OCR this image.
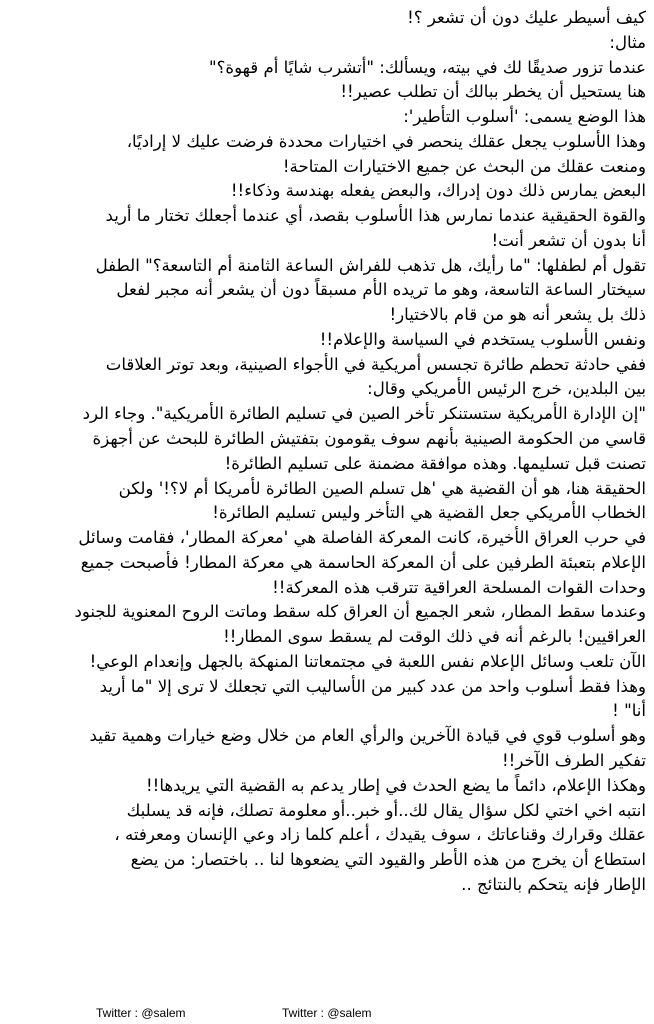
كيف أسيطر عليك دون أن تشعر ؟!
مثال:
عندما تزور صديقًا لك في بيته، ويسألك: "أتشرب شايًا أم قهوة؟"
هنا يستحيل أن يخطر ببالك أن تطلب عصير!!
هذا الوضع يسمى: 'أسلوب التأطير':
وهذا الأسلوب يجعل عقلك ينحصر في اختيارات محددة فرضت عليك لا إراديًا،
ومنعت عقلك من البحث عن جميع الاختيارات المتاحة!
البعض يمارس ذلك دون إدراك، والبعض يفعله بهندسة وذكاء!!
والقوة الحقيقية عندما نمارس هذا الأسلوب بقصد، أي عندما أجعلك تختار ما أريد
أنا بدون أن تشعر أنت!
تقول أم لطفلها: "ما رأيك، هل تذهب للفراش الساعة الثامنة أم التاسعة؟" الطفل
سيختار الساعة التاسعة، وهو ما تريده الأم مسبقاً دون أن يشعر أنه مجبر لفعل
ذلك بل يشعر أنه هو من قام بالاختيار!
ونفس الأسلوب يستخدم في السياسة والإعلام!!
ففي حادثة تحطم طائرة تجسس أمريكية في الأجواء الصينية، وبعد توتر العلاقات
بين البلدين، خرج الرئيس الأمريكي وقال:
"إن الإدارة الأمريكية ستستنكر تأخر الصين في تسليم الطائرة الأمريكية". وجاء الرد
قاسي من الحكومة الصينية بأنهم سوف يقومون بتفتيش الطائرة للبحث عن أجهزة
تصنت قبل تسليمها. وهذه موافقة مضمنة على تسليم الطائرة!
الحقيقة هنا، هو أن القضية هي 'هل تسلم الصين الطائرة لأمريكا أم لا؟!' ولكن
الخطاب الأمريكي جعل القضية هي التأخر وليس تسليم الطائرة!
في حرب العراق الأخيرة، كانت المعركة الفاصلة هي 'معركة المطار'، فقامت وسائل
الإعلام بتعبئة الطرفين على أن المعركة الحاسمة هي معركة المطار! فأصبحت جميع
وحدات القوات المسلحة العراقية تترقب هذه المعركة!!
وعندما سقط المطار، شعر الجميع أن العراق كله سقط وماتت الروح المعنوية للجنود
العراقيين! بالرغم أنه في ذلك الوقت لم يسقط سوى المطار!!
الآن تلعب وسائل الإعلام نفس اللعبة في مجتمعاتنا المنهكة بالجهل وإنعدام الوعي!
وهذا فقط أسلوب واحد من عدد كبير من الأساليب التي تجعلك لا ترى إلا "ما أريد
أنا" !
وهو أسلوب قوي في قيادة الآخرين والرأي العام من خلال وضع خيارات وهمية تقيد
تفكير الطرف الآخر!!
وهكذا الإعلام، دائماً ما يضع الحدث في إطار يدعم به القضية التي يريدها!!
انتبه اخي اختي لكل سؤال يقال لك..أو خبر..أو معلومة تصلك، فإنه قد يسلبك
عقلك وقرارك وقناعاتك ، سوف يقيدك ، أعلم كلما زاد وعي الإنسان ومعرفته ،
استطاع أن يخرج من هذه الأطر والقيود التي يضعوها لنا .. باختصار: من يضع
الإطار فإنه يتحكم بالنتائج ..
Twitter : @salem	Twitter : @salem
